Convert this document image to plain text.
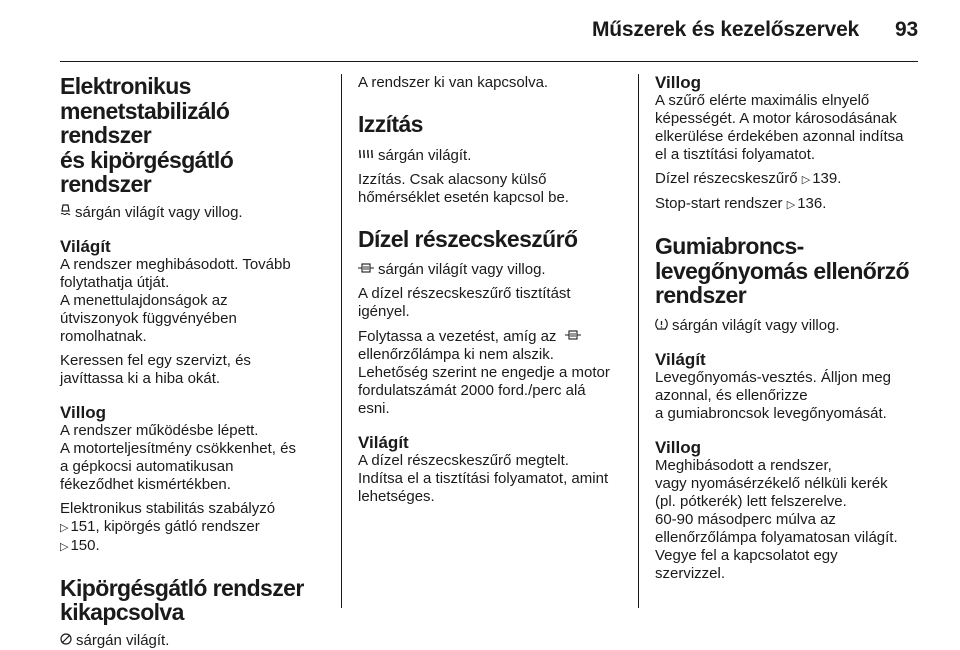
Műszerek és kezelőszervek 93
Elektronikus
menetstabilizáló rendszer
és kipörgésgátló rendszer
sárgán világít vagy villog.
Világít
A rendszer meghibásodott. Tovább
folytathatja útját.
A menettulajdonságok az
útviszonyok függvényében
romolhatnak.
Keressen fel egy szervizt, és
javíttassa ki a hiba okát.
Villog
A rendszer működésbe lépett.
A motorteljesítmény csökkenhet, és
a gépkocsi automatikusan
fékeződhet kismértékben.
Elektronikus stabilitás szabályzó
▷ 151, kipörgés gátló rendszer
▷ 150.
Kipörgésgátló rendszer
kikapcsolva
sárgán világít.
A rendszer ki van kapcsolva.
Izzítás
sárgán világít.
Izzítás. Csak alacsony külső
hőmérséklet esetén kapcsol be.
Dízel részecskeszűrő
sárgán világít vagy villog.
A dízel részecskeszűrő tisztítást
igényel.
Folytassa a vezetést, amíg az
ellenőrzőlámpa ki nem alszik.
Lehetőség szerint ne engedje a motor
fordulatszámát 2000 ford./perc alá
esni.
Világít
A dízel részecskeszűrő megtelt.
Indítsa el a tisztítási folyamatot, amint
lehetséges.
Villog
A szűrő elérte maximális elnyelő
képességét. A motor károsodásának
elkerülése érdekében azonnal indítsa
el a tisztítási folyamatot.
Dízel részecskeszűrő ▷ 139.
Stop-start rendszer ▷ 136.
Gumiabroncs-
levegőnyomás ellenőrző
rendszer
sárgán világít vagy villog.
Világít
Levegőnyomás-vesztés. Álljon meg
azonnal, és ellenőrizze
a gumiabroncsok levegőnyomását.
Villog
Meghibásodott a rendszer,
vagy nyomásérzékelő nélküli kerék
(pl. pótkerék) lett felszerelve.
60-90 másodperc múlva az
ellenőrzőlámpa folyamatosan világít.
Vegye fel a kapcsolatot egy
szervizzel.
